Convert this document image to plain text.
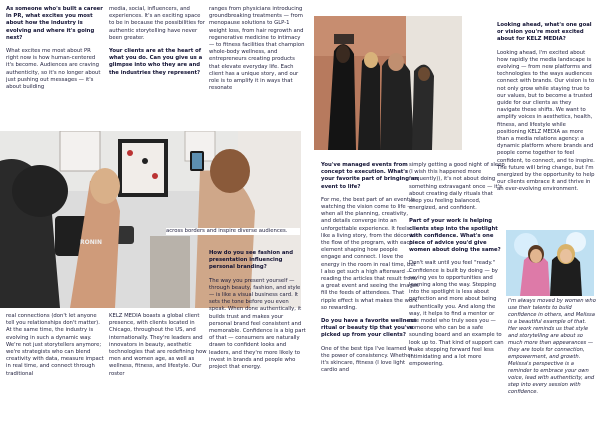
As someone who's built a career in PR, what excites you most about how the industry is evolving and where it's going next?

What excites me most about PR right now is how human-centered it's become. Audiences are craving authenticity, so it's no longer about just pushing out messages — it's about building

media, social, influencers, and experiences. It's an exciting space to be in because the possibilities for authentic storytelling have never been greater.

Your clients are at the heart of what you do. Can you give us a glimpse into who they are and the industries they represent?

ranges from physicians introducing groundbreaking treatments — from menopause solutions to GLP-1 weight loss, from hair regrowth and regenerative medicine to intimacy — to fitness facilities that champion whole-body wellness, and entrepreneurs creating products that elevate everyday life. Each client has a unique story, and our role is to amplify it in ways that resonate

RONIN

real connections (don't let anyone tell you relationships don't matter). At the same time, the industry is evolving in such a dynamic way. We're not just storytellers anymore; we're strategists who can blend creativity with data, measure impact in real time, and connect through traditional

KELZ MEDIA boasts a global client presence, with clients located in Chicago, throughout the US, and internationally. They're leaders and innovators in beauty, aesthetic technologies that are redefining how men and women age, as well as wellness, fitness, and lifestyle. Our roster

across borders and inspire diverse audiences.

How do you see fashion and presentation influencing personal branding?

The way you present yourself — through beauty, fashion, and style — is like a visual business card. It sets the tone before you even speak. When done authentically, it builds trust and makes your personal brand feel consistent and memorable. Confidence is a big part of that — consumers are naturally drawn to confident looks and leaders, and they're more likely to invest in brands and people who project that energy.

You've managed events from concept to execution. What's your favorite part of bringing an event to life?

For me, the best part of an event is watching the vision come to life — when all the planning, creativity, and details converge into an unforgettable experience. It feels like a living story, from the décor to the flow of the program, with each element shaping how people engage and connect. I love the energy in the room in real time, but I also get such a high afterward — reading the articles that result from a great event and seeing the images fill the feeds of attendees. That ripple effect is what makes the work so rewarding.

Do you have a favorite wellness ritual or beauty tip that you've picked up from your clients?

One of the best tips I've learned is the power of consistency. Whether it's skincare, fitness (I love light cardio and

simply getting a good night of sleep (I wish this happened more frequently)), it's not about doing something extravagant once — it's about creating daily rituals that keep you feeling balanced, energized, and confident.

Part of your work is helping clients step into the spotlight with confidence. What's one piece of advice you'd give women about doing the same?

Don't wait until you feel "ready." Confidence is built by doing — by saying yes to opportunities and learning along the way. Stepping into the spotlight is less about perfection and more about being authentically you. And along the way, it helps to find a mentor or role model who truly sees you — someone who can be a safe sounding board and an example to look up to. That kind of support can make stepping forward feel less intimidating and a lot more empowering.

Looking ahead, what's one goal or vision you're most excited about for KELZ MEDIA?

Looking ahead, I'm excited about how rapidly the media landscape is evolving — from new platforms and technologies to the ways audiences connect with brands. Our vision is to not only grow while staying true to our values, but to become a trusted guide for our clients as they navigate these shifts. We want to amplify voices in aesthetics, health, fitness, and lifestyle while positioning KELZ MEDIA as more than a media relations agency: a dynamic platform where brands and people come together to feel confident, to connect, and to inspire. The future will bring change, but I'm energized by the opportunity to help our clients embrace it and thrive in an ever-evolving environment.

I'm always moved by women who use their talents to build confidence in others, and Melissa is a beautiful example of that. Her work reminds us that style and storytelling are about so much more than appearances — they are tools for connection, empowerment, and growth. Melissa's perspective is a reminder to embrace your own voice, lead with authenticity, and step into every session with confidence.
